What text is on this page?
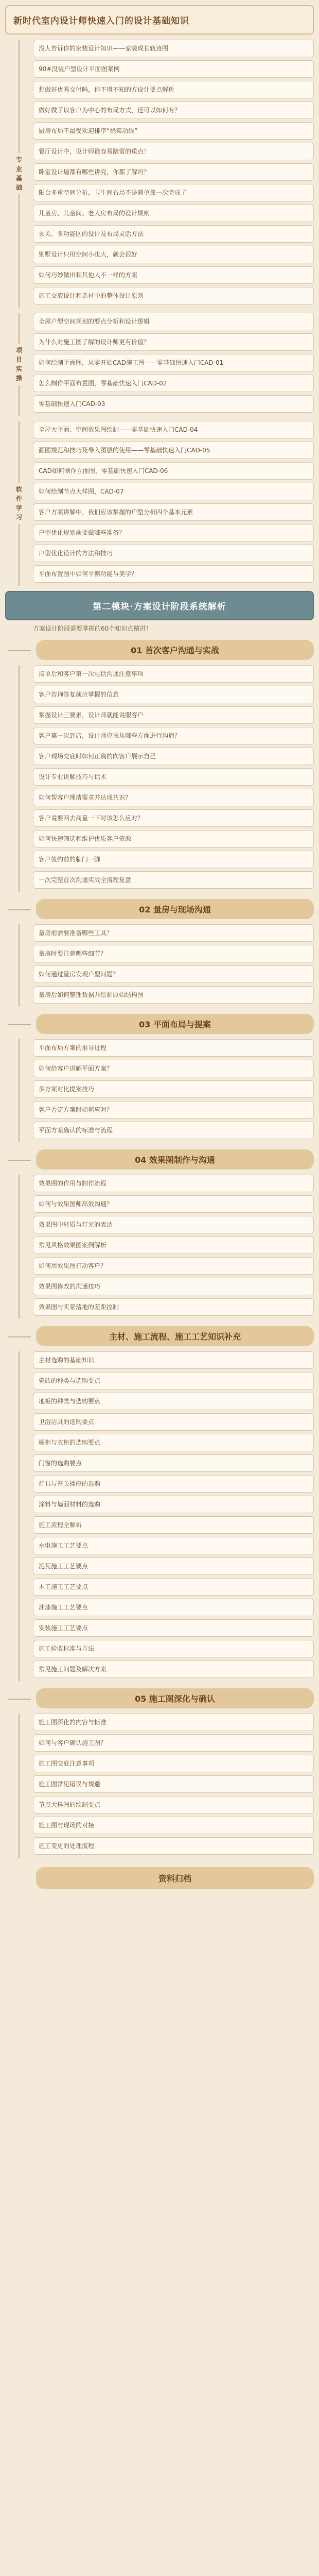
新时代室内设计师快速入门的设计基础知识
专业基础
没人告诉你的家装设计知识——家装成长轨迹图
90#没装户型设计平面图案例
想做好优秀交付吗，你不得不知的方设计要点解析
做好做了以客户为中心的布局方式，还可以如何有？
厨房布局不最受欢迎排序“烧菜动线”
餐厅设计中，设计师最容易踏雷的重点！
卧室设计墙都有哪些讲究，你都了解吗？
阳台多重空间分析，卫生间布局不是简单靠一次完成了
儿童房、儿童间、老人房布局的设计规则
玄关、多功能区的设计及布局灵活方法
别墅设计只用空间小也大，就会很好
如何巧妙做出和其他人不一样的方案
施工交底设计和选材中的整体设计原则
项目实操
全屋户型空间规划的要点分析和设计逻辑
为什么对施工图了解的设计师更有价值？
如何绘制平面图，从零开始CAD施工图——零基础快速入门CAD-01
怎么制作平面布置图，零基础快速入门CAD-02
零基础快速入门CAD-03
软件学习
全屋大平面、空间效果图绘制——零基础快速入门CAD-04
画图规范和技巧及导入图层的使用——零基础快速入门CAD-05
CAD如何制作立面图，零基础快速入门CAD-06
如何绘制节点大样图，CAD-07
客户方案讲解中，我们应该掌握的户型分析四个基本元素
户型优化规划前要做哪些准备？
户型优化设计的方法和技巧
平面布置图中如何平衡功能与美学？
第二模块·方案设计阶段系统解析
方案设计阶段需要掌握的60个知识点精讲！
01 首次客户沟通与实战
接单后和客户第一次电话沟通注意事项
客户咨询答复前应掌握的信息
掌握设计三要素，设计师就能说服客户
客户第一次到店，设计师应该从哪些方面进行沟通？
客户现场交底时如何正确的向客户展示自己
设计专业讲解技巧与话术
如何帮客户理清需求并达成共识？
客户说要回去商量一下时该怎么应对？
如何快速筛选和维护优质客户资源
客户签约前的临门一脚
一次完整首次沟通实战全流程复盘
02 量房与现场沟通
量房前需要准备哪些工具？
量房时要注意哪些细节？
如何通过量房发现户型问题？
量房后如何整理数据并绘制原始结构图
03 平面布局与提案
平面布局方案的推导过程
如何给客户讲解平面方案？
多方案对比提案技巧
客户否定方案时如何应对？
平面方案确认的标准与流程
04 效果图制作与沟通
效果图的作用与制作流程
如何与效果图师高效沟通？
效果图中材质与灯光的表达
常见风格效果图案例解析
如何用效果图打动客户？
效果图修改的沟通技巧
效果图与实景落地的差距控制
主材、施工流程、施工工艺知识补充
主材选购的基础知识
瓷砖的种类与选购要点
地板的种类与选购要点
卫浴洁具的选购要点
橱柜与衣柜的选购要点
门窗的选购要点
灯具与开关插座的选购
涂料与墙面材料的选购
施工流程全解析
水电施工工艺要点
泥瓦施工工艺要点
木工施工工艺要点
油漆施工工艺要点
安装施工工艺要点
施工验收标准与方法
常见施工问题及解决方案
05 施工图深化与确认
施工图深化的内容与标准
如何与客户确认施工图？
施工图交底注意事项
施工图常见错误与规避
节点大样图的绘制要点
施工图与现场的对接
施工变更的处理流程
资料归档
